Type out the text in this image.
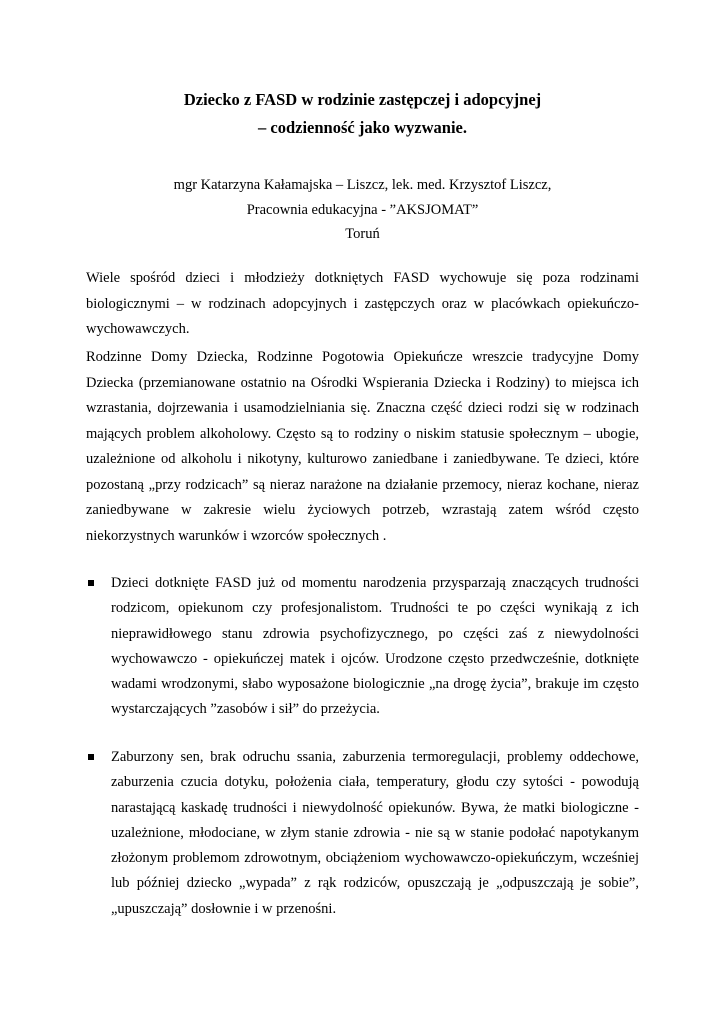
Dziecko z FASD w rodzinie zastępczej i adopcyjnej
– codzienność jako wyzwanie.
mgr Katarzyna Kałamajska – Liszcz, lek. med. Krzysztof Liszcz,
Pracownia edukacyjna - ”AKSJOMAT”
Toruń
Wiele spośród dzieci i młodzieży dotkniętych FASD wychowuje się poza rodzinami biologicznymi – w rodzinach adopcyjnych i zastępczych oraz w placówkach opiekuńczo-wychowawczych.
Rodzinne Domy Dziecka, Rodzinne Pogotowia Opiekuńcze wreszcie tradycyjne Domy Dziecka (przemianowane ostatnio na Ośrodki Wspierania Dziecka i Rodziny) to miejsca ich wzrastania, dojrzewania i usamodzielniania się. Znaczna część dzieci rodzi się w rodzinach mających problem alkoholowy. Często są to rodziny o niskim statusie społecznym – ubogie, uzależnione od alkoholu i nikotyny, kulturowo zaniedbane i zaniedbywane. Te dzieci, które pozostaną „przy rodzicach” są nieraz narażone na działanie przemocy, nieraz kochane, nieraz zaniedbywane w zakresie wielu życiowych potrzeb, wzrastają zatem wśród często niekorzystnych warunków i wzorców społecznych .
Dzieci dotknięte FASD już od momentu narodzenia przysparzają znaczących trudności rodzicom, opiekunom czy profesjonalistom. Trudności te po części wynikają z ich nieprawidłowego stanu zdrowia psychofizycznego, po części zaś z niewydolności wychowawczo - opiekuńczej matek i ojców. Urodzone często przedwcześnie, dotknięte wadami wrodzonymi, słabo wyposażone biologicznie „na drogę życia”, brakuje im często wystarczających ”zasobów i sił” do przeżycia.
Zaburzony sen, brak odruchu ssania, zaburzenia termoregulacji, problemy oddechowe, zaburzenia czucia dotyku, położenia ciała, temperatury, głodu czy sytości - powodują narastającą kaskadę trudności i niewydolność opiekunów. Bywa, że matki biologiczne - uzależnione, młodociane, w złym stanie zdrowia - nie są w stanie podołać napotykanym złożonym problemom zdrowotnym, obciążeniom wychowawczo-opiekuńczym, wcześniej lub później dziecko „wypada” z rąk rodziców, opuszczają je „odpuszczają je sobie”, „upuszczają” dosłownie i w przenośni.
